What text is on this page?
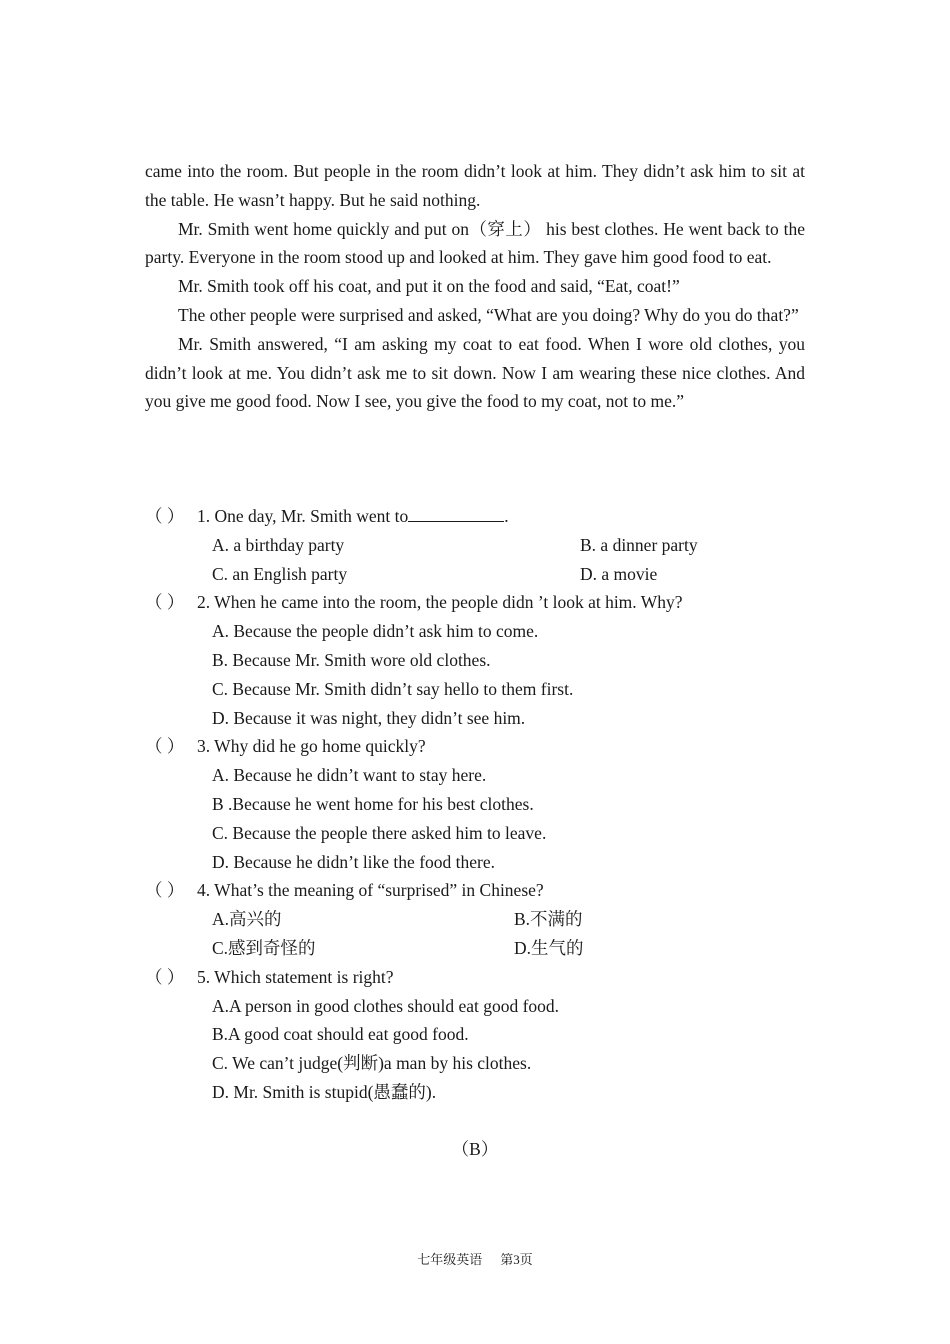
came into the room. But people in the room didn’t look at him. They didn’t ask him to sit at the table. He wasn’t happy. But he said nothing.

Mr. Smith went home quickly and put on（穿上） his best clothes. He went back to the party. Everyone in the room stood up and looked at him. They gave him good food to eat.

Mr. Smith took off his coat, and put it on the food and said, “Eat, coat!”

The other people were surprised and asked, “What are you doing? Why do you do that?”

Mr. Smith answered, “I am asking my coat to eat food. When I wore old clothes, you didn’t look at me. You didn’t ask me to sit down. Now I am wearing these nice clothes. And you give me good food. Now I see, you give the food to my coat, not to me.”

（ ） 1. One day, Mr. Smith went to	.
A. a birthday party	B. a dinner party
C. an English party	D. a movie
（ ） 2. When he came into the room, the people didn ’t look at him. Why?
A. Because the people didn’t ask him to come.
B. Because Mr. Smith wore old clothes.
C. Because Mr. Smith didn’t say hello to them first.
D. Because it was night, they didn’t see him.
（ ） 3. Why did he go home quickly?
A. Because he didn’t want to stay here.
B .Because he went home for his best clothes.
C. Because the people there asked him to leave.
D. Because he didn’t like the food there.
（ ） 4. What’s the meaning of “surprised” in Chinese?
A.高兴的	B.不满的
C.感到奇怪的	D.生气的
（ ） 5. Which statement is right?
A.A person in good clothes should eat good food.
B.A good coat should eat good food.
C. We can’t judge(判断)a man by his clothes.
D. Mr. Smith is stupid(愚蠢的).
（B）
七年级英语 第3页
